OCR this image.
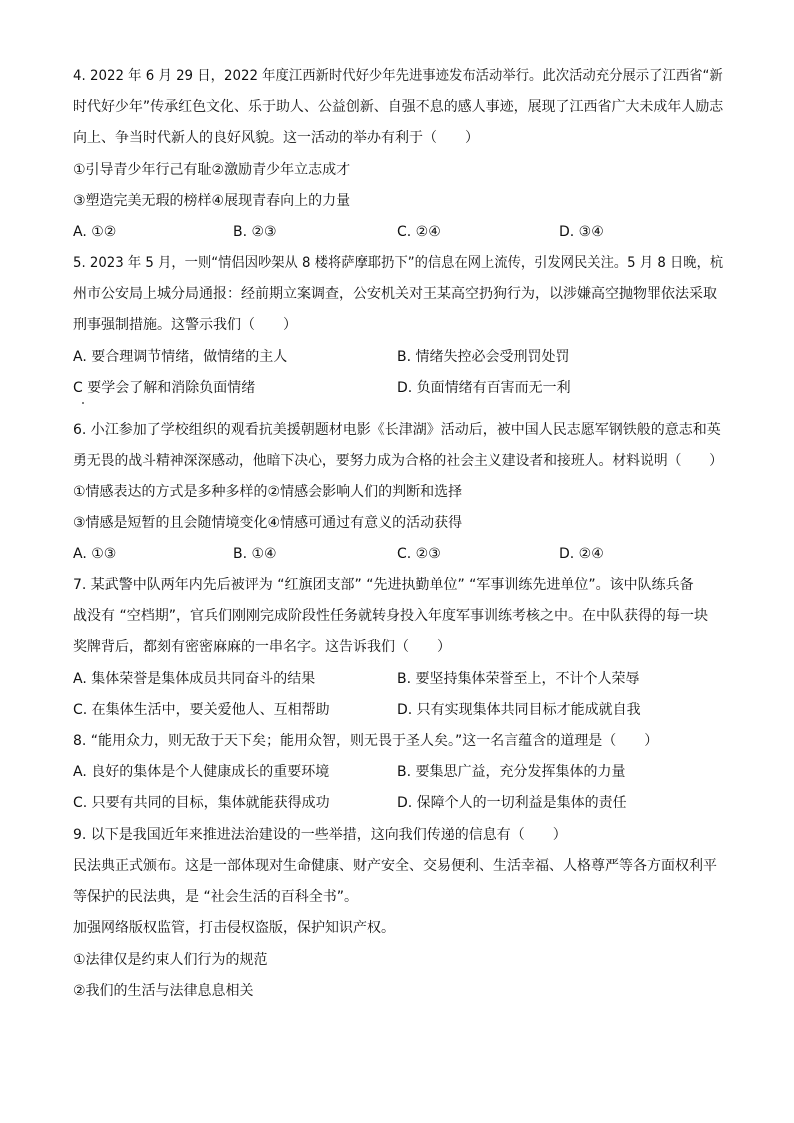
4. 2022 年 6 月 29 日，2022 年度江西新时代好少年先进事迹发布活动举行。此次活动充分展示了江西省“新
时代好少年”传承红色文化、乐于助人、公益创新、自强不息的感人事迹，展现了江西省广大未成年人励志
向上、争当时代新人的良好风貌。这一活动的举办有利于（　　）
①引导青少年行己有耻②激励青少年立志成才
③塑造完美无瑕的榜样④展现青春向上的力量
A. ①②	B. ②③	C. ②④	D. ③④
5. 2023 年 5 月，一则“情侣因吵架从 8 楼将萨摩耶扔下”的信息在网上流传，引发网民关注。5 月 8 日晚，杭
州市公安局上城分局通报：经前期立案调查，公安机关对王某高空扔狗行为，以涉嫌高空抛物罪依法采取
刑事强制措施。这警示我们（　　）
A. 要合理调节情绪，做情绪的主人	B. 情绪失控必会受刑罚处罚
C 要学会了解和消除负面情绪	D. 负面情绪有百害而无一利
6. 小江参加了学校组织的观看抗美援朝题材电影《长津湖》活动后，被中国人民志愿军钢铁般的意志和英
勇无畏的战斗精神深深感动，他暗下决心，要努力成为合格的社会主义建设者和接班人。材料说明（　　）
①情感表达的方式是多种多样的②情感会影响人们的判断和选择
③情感是短暂的且会随情境变化④情感可通过有意义的活动获得
A. ①③	B. ①④	C. ②③	D. ②④
7. 某武警中队两年内先后被评为 “红旗团支部” “先进执勤单位” “军事训练先进单位”。该中队练兵备
战没有 “空档期”，官兵们刚刚完成阶段性任务就转身投入年度军事训练考核之中。在中队获得的每一块
奖牌背后，都刻有密密麻麻的一串名字。这告诉我们（　　）
A. 集体荣誉是集体成员共同奋斗的结果	B. 要坚持集体荣誉至上，不计个人荣辱
C. 在集体生活中，要关爱他人、互相帮助	D. 只有实现集体共同目标才能成就自我
8. “能用众力，则无敌于天下矣；能用众智，则无畏于圣人矣。”这一名言蕴含的道理是（　　）
A. 良好的集体是个人健康成长的重要环境	B. 要集思广益，充分发挥集体的力量
C. 只要有共同的目标，集体就能获得成功	D. 保障个人的一切利益是集体的责任
9. 以下是我国近年来推进法治建设的一些举措，这向我们传递的信息有（　　）
民法典正式颁布。这是一部体现对生命健康、财产安全、交易便利、生活幸福、人格尊严等各方面权利平
等保护的民法典，是 “社会生活的百科全书”。
加强网络版权监管，打击侵权盗版，保护知识产权。
①法律仅是约束人们行为的规范
②我们的生活与法律息息相关
